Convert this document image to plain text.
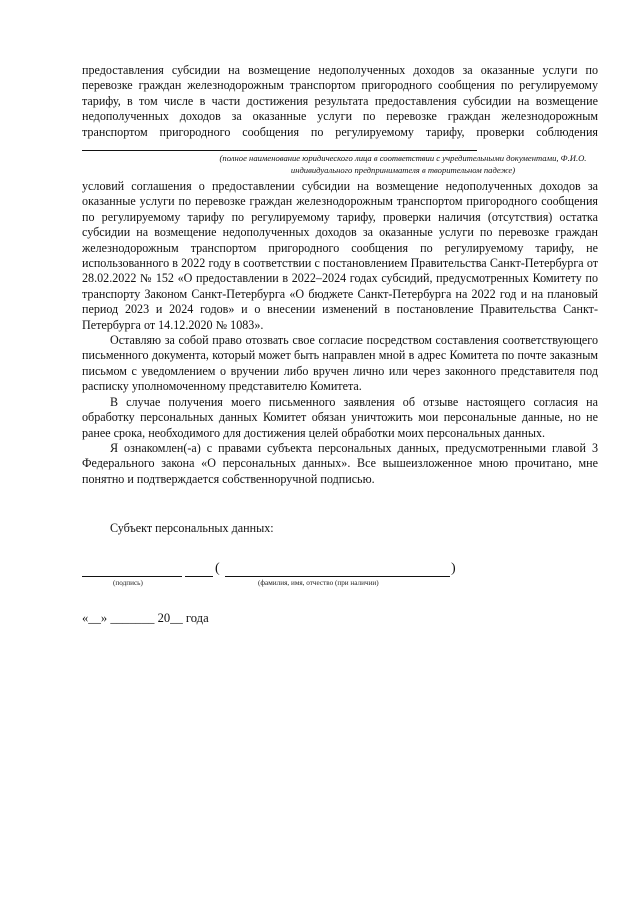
предоставления субсидии на возмещение недополученных доходов за оказанные услуги по перевозке граждан железнодорожным транспортом пригородного сообщения по регулируемому тарифу, в том числе в части достижения результата предоставления субсидии на возмещение недополученных доходов за оказанные услуги по перевозке граждан железнодорожным транспортом пригородного сообщения по регулируемому тарифу, проверки соблюдения

(полное наименование юридического лица в соответствии с учредительными документами, Ф.И.О. индивидуального предпринимателя в творительном падеже)

условий соглашения о предоставлении субсидии на возмещение недополученных доходов за оказанные услуги по перевозке граждан железнодорожным транспортом пригородного сообщения по регулируемому тарифу по регулируемому тарифу, проверки наличия (отсутствия) остатка субсидии на возмещение недополученных доходов за оказанные услуги по перевозке граждан железнодорожным транспортом пригородного сообщения по регулируемому тарифу, не использованного в 2022 году в соответствии с постановлением Правительства Санкт-Петербурга от 28.02.2022 № 152 «О предоставлении в 2022–2024 годах субсидий, предусмотренных Комитету по транспорту Законом Санкт-Петербурга «О бюджете Санкт-Петербурга на 2022 год и на плановый период 2023 и 2024 годов» и о внесении изменений в постановление Правительства Санкт-Петербурга от 14.12.2020 № 1083».

Оставляю за собой право отозвать свое согласие посредством составления соответствующего письменного документа, который может быть направлен мной в адрес Комитета по почте заказным письмом с уведомлением о вручении либо вручен лично или через законного представителя под расписку уполномоченному представителю Комитета.

В случае получения моего письменного заявления об отзыве настоящего согласия на обработку персональных данных Комитет обязан уничтожить мои персональные данные, но не ранее срока, необходимого для достижения целей обработки моих персональных данных.

Я ознакомлен(-а) с правами субъекта персональных данных, предусмотренными главой 3 Федерального закона «О персональных данных». Все вышеизложенное мною прочитано, мне понятно и подтверждается собственноручной подписью.

Субъект персональных данных:
(	)
(подпись)	(фамилия, имя, отчество (при наличии)
«__» _______ 20__ года
